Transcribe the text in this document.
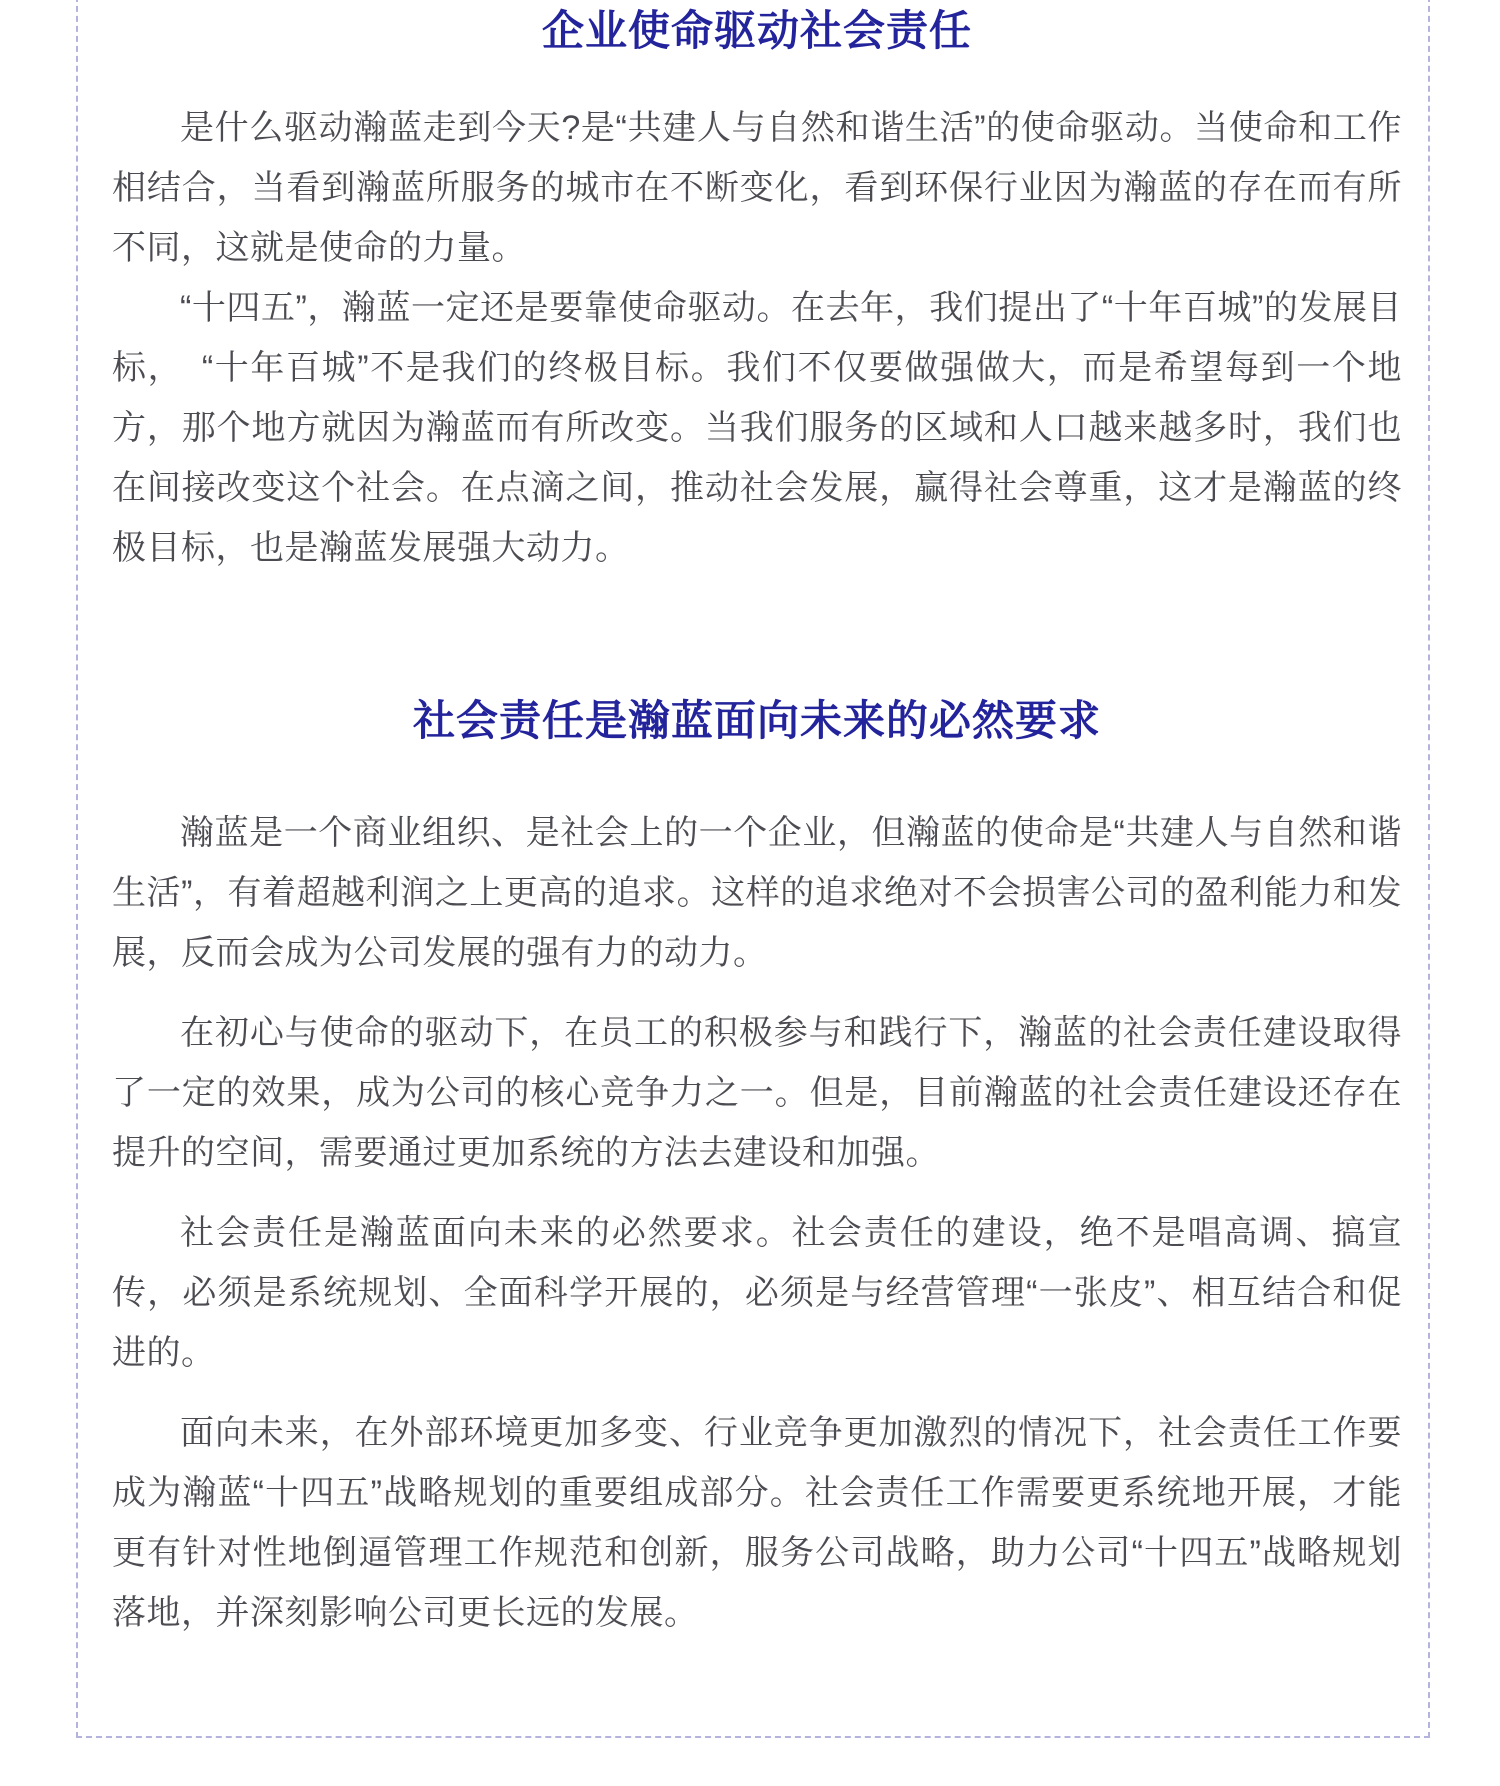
企业使命驱动社会责任

是什么驱动瀚蓝走到今天?是“共建人与自然和谐生活”的使命驱动。当使命和工作相结合，当看到瀚蓝所服务的城市在不断变化，看到环保行业因为瀚蓝的存在而有所不同，这就是使命的力量。

“十四五”，瀚蓝一定还是要靠使命驱动。在去年，我们提出了“十年百城”的发展目标，　“十年百城”不是我们的终极目标。我们不仅要做强做大，而是希望每到一个地方，那个地方就因为瀚蓝而有所改变。当我们服务的区域和人口越来越多时，我们也在间接改变这个社会。在点滴之间，推动社会发展，赢得社会尊重，这才是瀚蓝的终极目标，也是瀚蓝发展强大动力。

社会责任是瀚蓝面向未来的必然要求

瀚蓝是一个商业组织、是社会上的一个企业，但瀚蓝的使命是“共建人与自然和谐生活”，有着超越利润之上更高的追求。这样的追求绝对不会损害公司的盈利能力和发展，反而会成为公司发展的强有力的动力。

在初心与使命的驱动下，在员工的积极参与和践行下，瀚蓝的社会责任建设取得了一定的效果，成为公司的核心竞争力之一。但是，目前瀚蓝的社会责任建设还存在提升的空间，需要通过更加系统的方法去建设和加强。

社会责任是瀚蓝面向未来的必然要求。社会责任的建设，绝不是唱高调、搞宣传，必须是系统规划、全面科学开展的，必须是与经营管理“一张皮”、相互结合和促进的。

面向未来，在外部环境更加多变、行业竞争更加激烈的情况下，社会责任工作要成为瀚蓝“十四五”战略规划的重要组成部分。社会责任工作需要更系统地开展，才能更有针对性地倒逼管理工作规范和创新，服务公司战略，助力公司“十四五”战略规划落地，并深刻影响公司更长远的发展。
